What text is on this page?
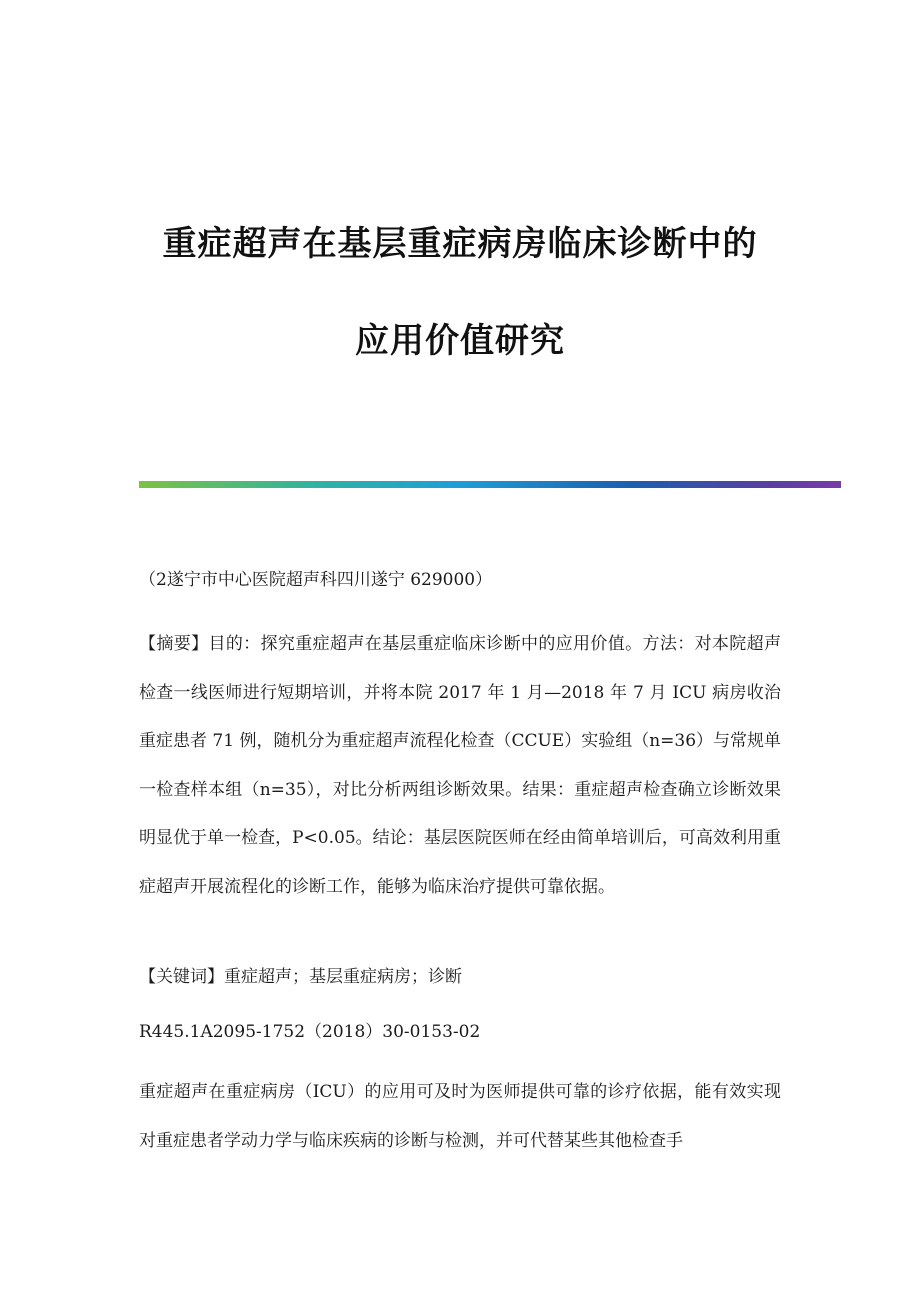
重症超声在基层重症病房临床诊断中的
应用价值研究

（2遂宁市中心医院超声科四川遂宁 629000）

【摘要】目的：探究重症超声在基层重症临床诊断中的应用价值。方法：对本院超声检查一线医师进行短期培训，并将本院 2017 年 1 月—2018 年 7 月 ICU 病房收治重症患者 71 例，随机分为重症超声流程化检查（CCUE）实验组（n=36）与常规单一检查样本组（n=35），对比分析两组诊断效果。结果：重症超声检查确立诊断效果明显优于单一检查，P<0.05。结论：基层医院医师在经由简单培训后，可高效利用重症超声开展流程化的诊断工作，能够为临床治疗提供可靠依据。

【关键词】重症超声；基层重症病房；诊断

R445.1A2095-1752（2018）30-0153-02

重症超声在重症病房（ICU）的应用可及时为医师提供可靠的诊疗依据，能有效实现对重症患者学动力学与临床疾病的诊断与检测，并可代替某些其他检查手
